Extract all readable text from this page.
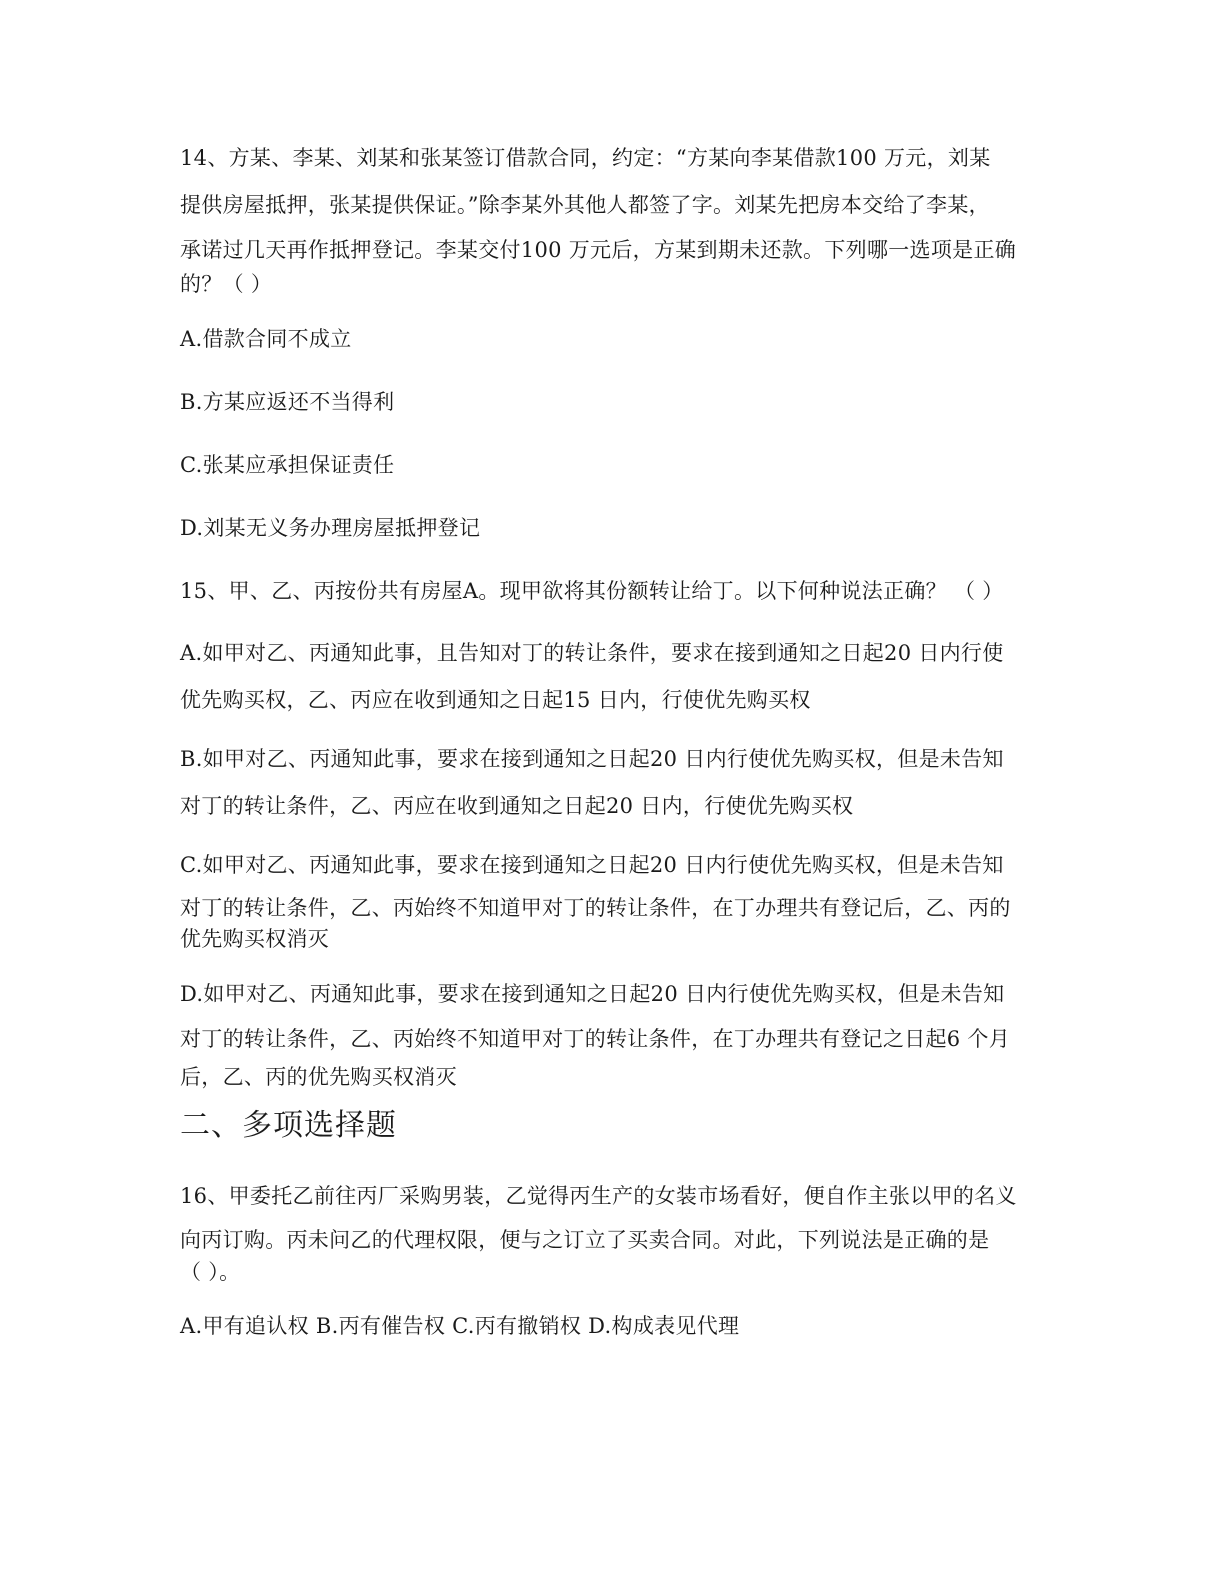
14、方某、李某、刘某和张某签订借款合同，约定：“方某向李某借款100 万元，刘某
提供房屋抵押，张某提供保证。”除李某外其他人都签了字。刘某先把房本交给了李某，
承诺过几天再作抵押登记。李某交付100 万元后，方某到期未还款。下列哪一选项是正确
的？（ ）
A.借款合同不成立
B.方某应返还不当得利
C.张某应承担保证责任
D.刘某无义务办理房屋抵押登记
15、甲、乙、丙按份共有房屋A。现甲欲将其份额转让给丁。以下何种说法正确？ （ ）
A.如甲对乙、丙通知此事，且告知对丁的转让条件，要求在接到通知之日起20 日内行使
优先购买权，乙、丙应在收到通知之日起15 日内，行使优先购买权
B.如甲对乙、丙通知此事，要求在接到通知之日起20 日内行使优先购买权，但是未告知
对丁的转让条件，乙、丙应在收到通知之日起20 日内，行使优先购买权
C.如甲对乙、丙通知此事，要求在接到通知之日起20 日内行使优先购买权，但是未告知
对丁的转让条件，乙、丙始终不知道甲对丁的转让条件，在丁办理共有登记后，乙、丙的
优先购买权消灭
D.如甲对乙、丙通知此事，要求在接到通知之日起20 日内行使优先购买权，但是未告知
对丁的转让条件，乙、丙始终不知道甲对丁的转让条件，在丁办理共有登记之日起6 个月
后，乙、丙的优先购买权消灭
二、多项选择题
16、甲委托乙前往丙厂采购男装，乙觉得丙生产的女装市场看好，便自作主张以甲的名义
向丙订购。丙未问乙的代理权限，便与之订立了买卖合同。对此，下列说法是正确的是
（ ）。
A.甲有追认权 B.丙有催告权 C.丙有撤销权 D.构成表见代理
